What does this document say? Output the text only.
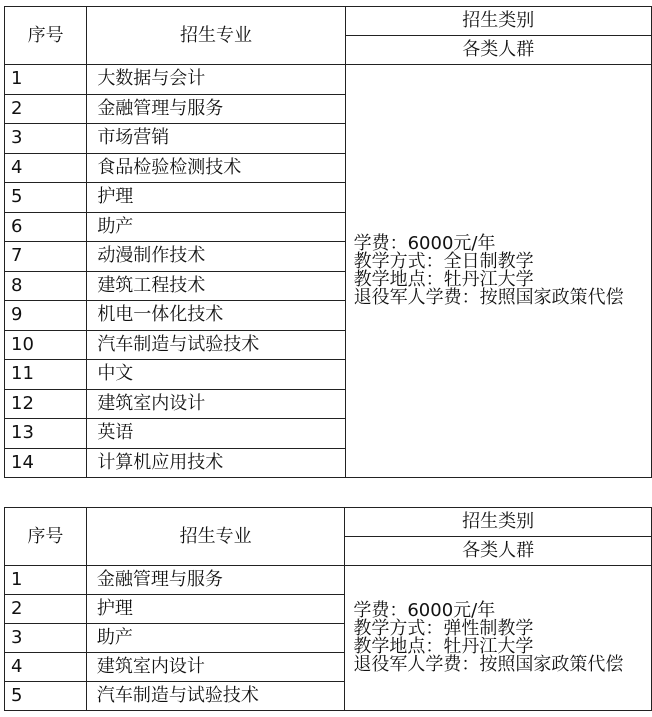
序号	招生专业	招生类别
		各类人群
1	大数据与会计	学费：6000元/年
教学方式：全日制教学
教学地点：牡丹江大学
退役军人学费：按照国家政策代偿

2	金融管理与服务	
3	市场营销	
4	食品检验检测技术	
5	护理	
6	助产	
7	动漫制作技术	
8	建筑工程技术	
9	机电一体化技术	
10	汽车制造与试验技术	
11	中文	
12	建筑室内设计	
13	英语	
14	计算机应用技术	
序号	招生专业	招生类别
		各类人群
1	金融管理与服务	学费：6000元/年
教学方式：弹性制教学
教学地点：牡丹江大学
退役军人学费：按照国家政策代偿

2	护理	
3	助产	
4	建筑室内设计	
5	汽车制造与试验技术	
